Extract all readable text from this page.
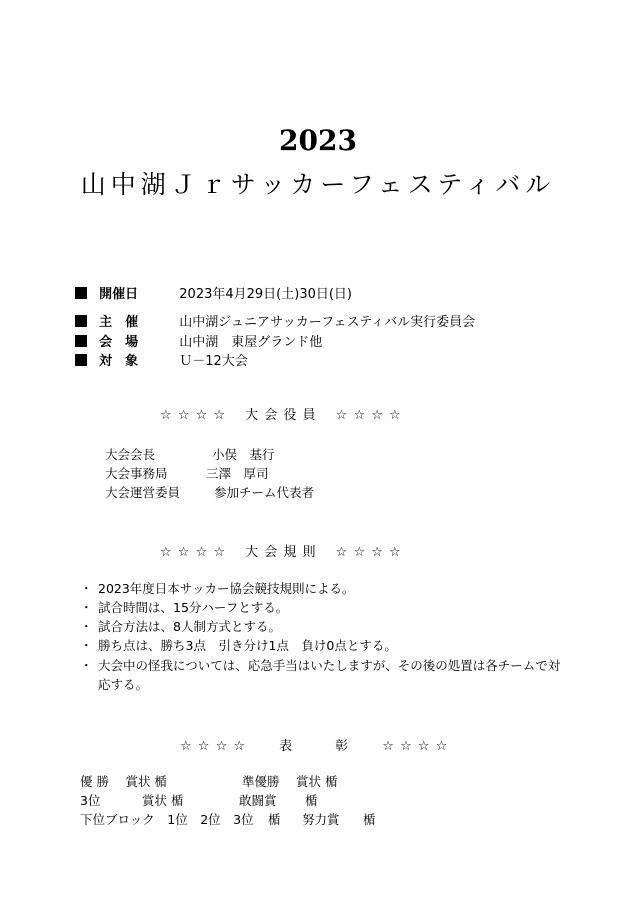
2023
山中湖Ｊｒサッカーフェスティバル
開催日	2023年4月29日(土)30日(日)
主　催	山中湖ジュニアサッカーフェスティバル実行委員会
会　場	山中湖　東屋グランド他
対　象	Ｕ－12大会
☆ ☆ ☆ ☆　 大 会 役 員　 ☆ ☆ ☆ ☆
大会会長	小俣　基行
大会事務局	三澤　厚司
大会運営委員	参加チーム代表者
☆ ☆ ☆ ☆　 大 会 規 則　 ☆ ☆ ☆ ☆
・ 2023年度日本サッカー協会競技規則による。
・ 試合時間は、15分ハーフとする。
・ 試合方法は、8人制方式とする。
・ 勝ち点は、勝ち3点　引き分け1点　負け0点とする。
・ 大会中の怪我については、応急手当はいたしますが、その後の処置は各チームで対
応する。
☆ ☆ ☆ ☆　　 表　　　彰　　 ☆ ☆ ☆ ☆
優 勝　 賞状 楯	準優勝　 賞状 楯
3位	賞状 楯	敢闘賞 楯
下位ブロック　1位　2位　3位 楯 努力賞 楯
